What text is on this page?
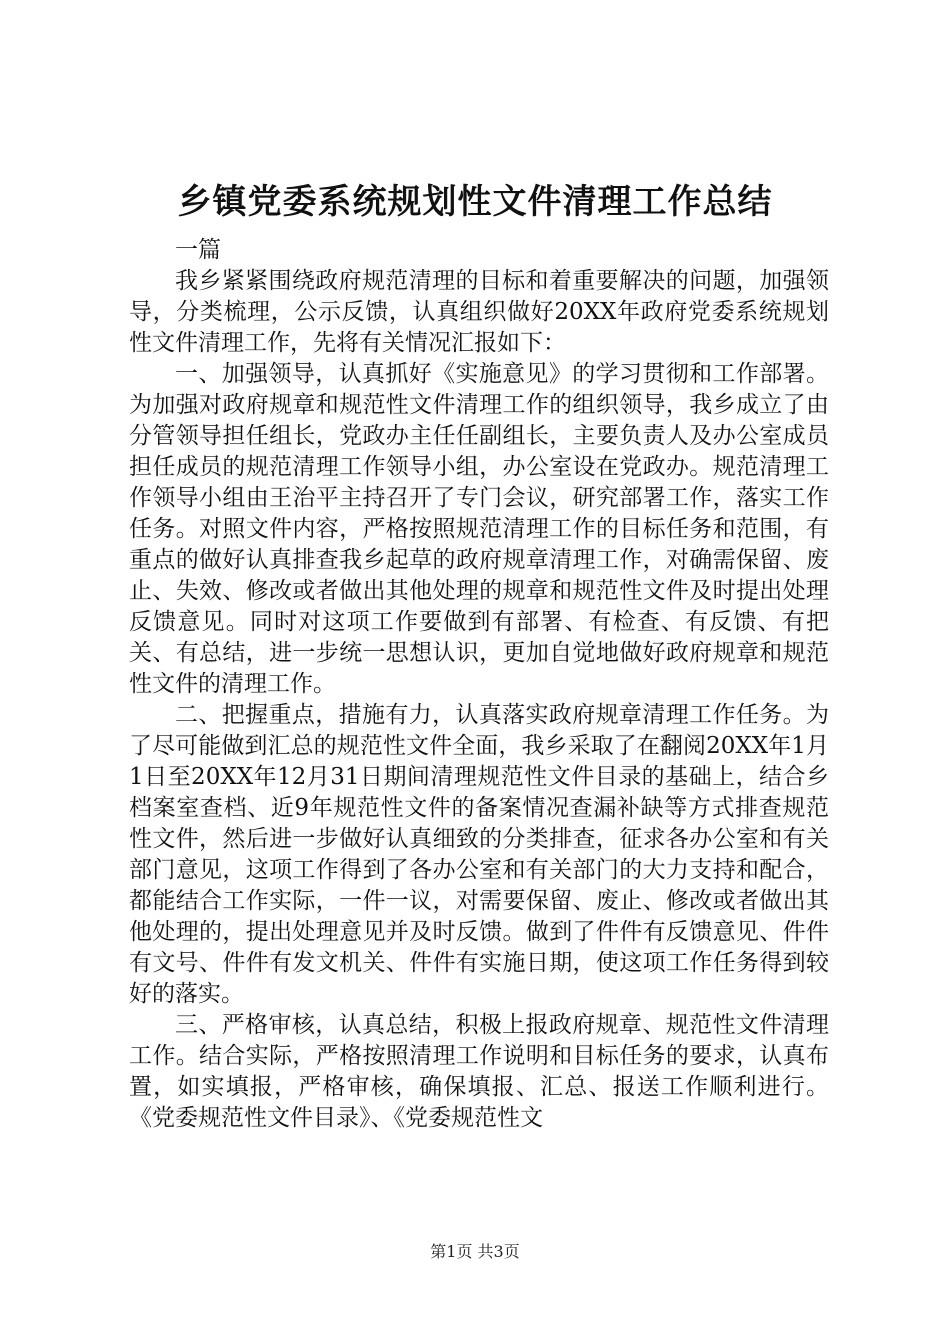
乡镇党委系统规划性文件清理工作总结

一篇

我乡紧紧围绕政府规范清理的目标和着重要解决的问题，加强领导，分类梳理，公示反馈，认真组织做好20XX年政府党委系统规划性文件清理工作，先将有关情况汇报如下：

一、加强领导，认真抓好《实施意见》的学习贯彻和工作部署。为加强对政府规章和规范性文件清理工作的组织领导，我乡成立了由分管领导担任组长，党政办主任任副组长，主要负责人及办公室成员担任成员的规范清理工作领导小组，办公室设在党政办。规范清理工作领导小组由王治平主持召开了专门会议，研究部署工作，落实工作任务。对照文件内容，严格按照规范清理工作的目标任务和范围，有重点的做好认真排查我乡起草的政府规章清理工作，对确需保留、废止、失效、修改或者做出其他处理的规章和规范性文件及时提出处理反馈意见。同时对这项工作要做到有部署、有检查、有反馈、有把关、有总结，进一步统一思想认识，更加自觉地做好政府规章和规范性文件的清理工作。

二、把握重点，措施有力，认真落实政府规章清理工作任务。为了尽可能做到汇总的规范性文件全面，我乡采取了在翻阅20XX年1月1日至20XX年12月31日期间清理规范性文件目录的基础上，结合乡档案室查档、近9年规范性文件的备案情况查漏补缺等方式排查规范性文件，然后进一步做好认真细致的分类排查，征求各办公室和有关部门意见，这项工作得到了各办公室和有关部门的大力支持和配合，都能结合工作实际，一件一议，对需要保留、废止、修改或者做出其他处理的，提出处理意见并及时反馈。做到了件件有反馈意见、件件有文号、件件有发文机关、件件有实施日期，使这项工作任务得到较好的落实。

三、严格审核，认真总结，积极上报政府规章、规范性文件清理工作。结合实际，严格按照清理工作说明和目标任务的要求，认真布置，如实填报，严格审核，确保填报、汇总、报送工作顺利进行。《党委规范性文件目录》、《党委规范性文

第1页 共3页
